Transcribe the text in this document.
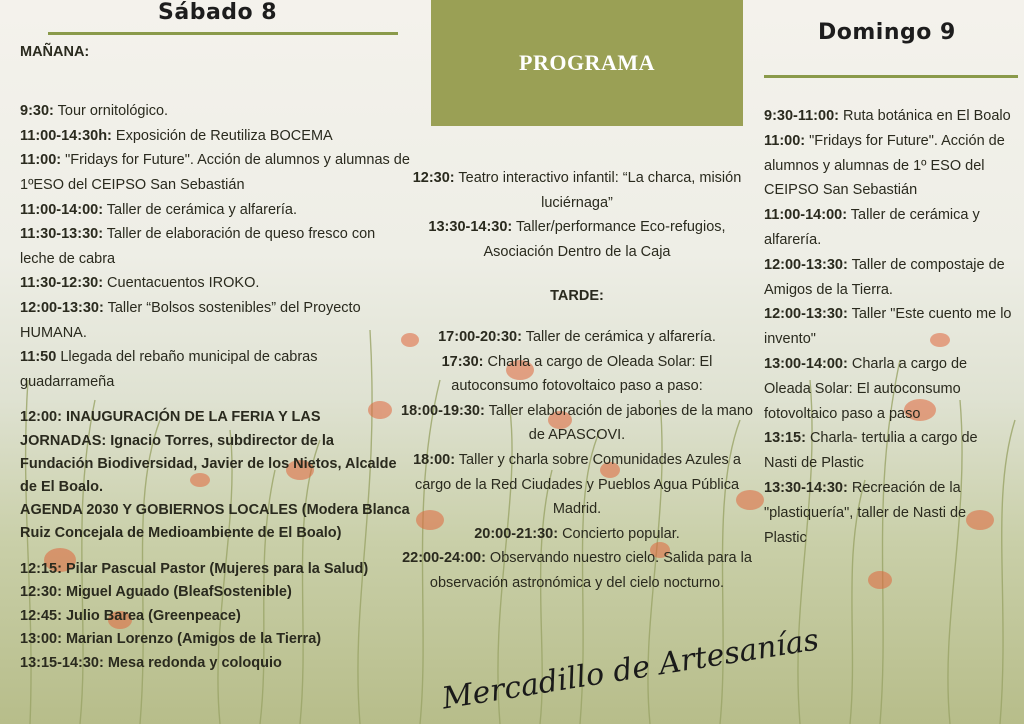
Sábado 8

MAÑANA:

9:30: Tour ornitológico.

11:00-14:30h: Exposición de Reutiliza BOCEMA

11:00: "Fridays for Future". Acción de alumnos y alumnas de 1ºESO del CEIPSO San Sebastián

11:00-14:00: Taller de cerámica y alfarería.

11:30-13:30: Taller de elaboración de queso fresco con leche de cabra

11:30-12:30: Cuentacuentos IROKO.

12:00-13:30: Taller “Bolsos sostenibles” del Proyecto HUMANA.

11:50 Llegada del rebaño municipal de cabras guadarrameña

12:00: INAUGURACIÓN DE LA FERIA Y LAS JORNADAS: Ignacio Torres, subdirector de la Fundación Biodiversidad, Javier de los Nietos, Alcalde de El Boalo.

AGENDA 2030 Y GOBIERNOS LOCALES (Modera Blanca Ruiz Concejala de Medioambiente de El Boalo)

12:15: Pilar Pascual Pastor (Mujeres para la Salud)

12:30: Miguel Aguado (BleafSostenible)

12:45: Julio Barea (Greenpeace)

13:00: Marian Lorenzo (Amigos de la Tierra)

13:15-14:30: Mesa redonda y coloquio

PROGRAMA

12:30: Teatro interactivo infantil: “La charca, misión luciérnaga”

13:30-14:30: Taller/performance Eco-refugios, Asociación Dentro de la Caja

TARDE:

17:00-20:30: Taller de cerámica y alfarería.

17:30: Charla a cargo de Oleada Solar: El autoconsumo fotovoltaico paso a paso:

18:00-19:30: Taller elaboración de jabones de la mano de APASCOVI.

18:00: Taller y charla sobre Comunidades Azules a cargo de la Red Ciudades y Pueblos Agua Pública Madrid.

20:00-21:30: Concierto popular.

22:00-24:00: Observando nuestro cielo. Salida para la observación astronómica y del cielo nocturno.

Domingo 9

9:30-11:00: Ruta botánica en El Boalo

11:00: "Fridays for Future". Acción de alumnos y alumnas de 1º ESO del CEIPSO San Sebastián

11:00-14:00: Taller de cerámica y alfarería.

12:00-13:30: Taller de compostaje de Amigos de la Tierra.

12:00-13:30: Taller "Este cuento me lo invento"

13:00-14:00: Charla a cargo de Oleada Solar: El autoconsumo fotovoltaico paso a paso

13:15: Charla- tertulia a cargo de Nasti de Plastic

13:30-14:30: Recreación de la "plastiquería", taller de Nasti de Plastic

Mercadillo de Artesanías
